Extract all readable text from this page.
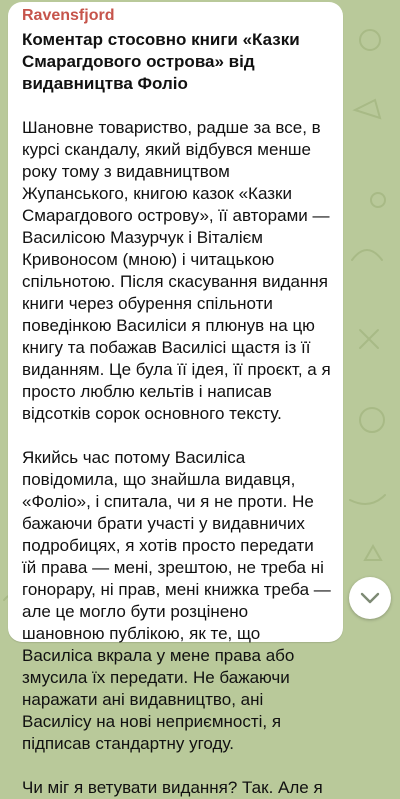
Ravensfjord

Коментар стосовно книги «Казки Смарагдового острова» від видавництва Фоліо

Шановне товариство, радше за все, в курсі скандалу, який відбувся менше року тому з видавництвом Жупанського, книгою казок «Казки Смарагдового острову», її авторами — Василісою Мазурчук і Віталієм Кривоносом (мною) і читацькою спільнотою. Після скасування видання книги через обурення спільноти поведінкою Василіси я плюнув на цю книгу та побажав Василісі щастя із її виданням. Це була її ідея, її проєкт, а я просто люблю кельтів і написав відсотків сорок основного тексту.

Якийсь час потому Василіса повідомила, що знайшла видавця, «Фоліо», і спитала, чи я не проти. Не бажаючи брати участі у видавничих подробицях, я хотів просто передати їй права — мені, зрештою, не треба ні гонорару, ні прав, мені книжка треба — але це могло бути розцінено шановною публікою, як те, що Василіса вкрала у мене права або змусила їх передати. Не бажаючи наражати ані видавництво, ані Василісу на нові неприємності, я підписав стандартну угоду.

Чи міг я ветувати видання? Так. Але я
